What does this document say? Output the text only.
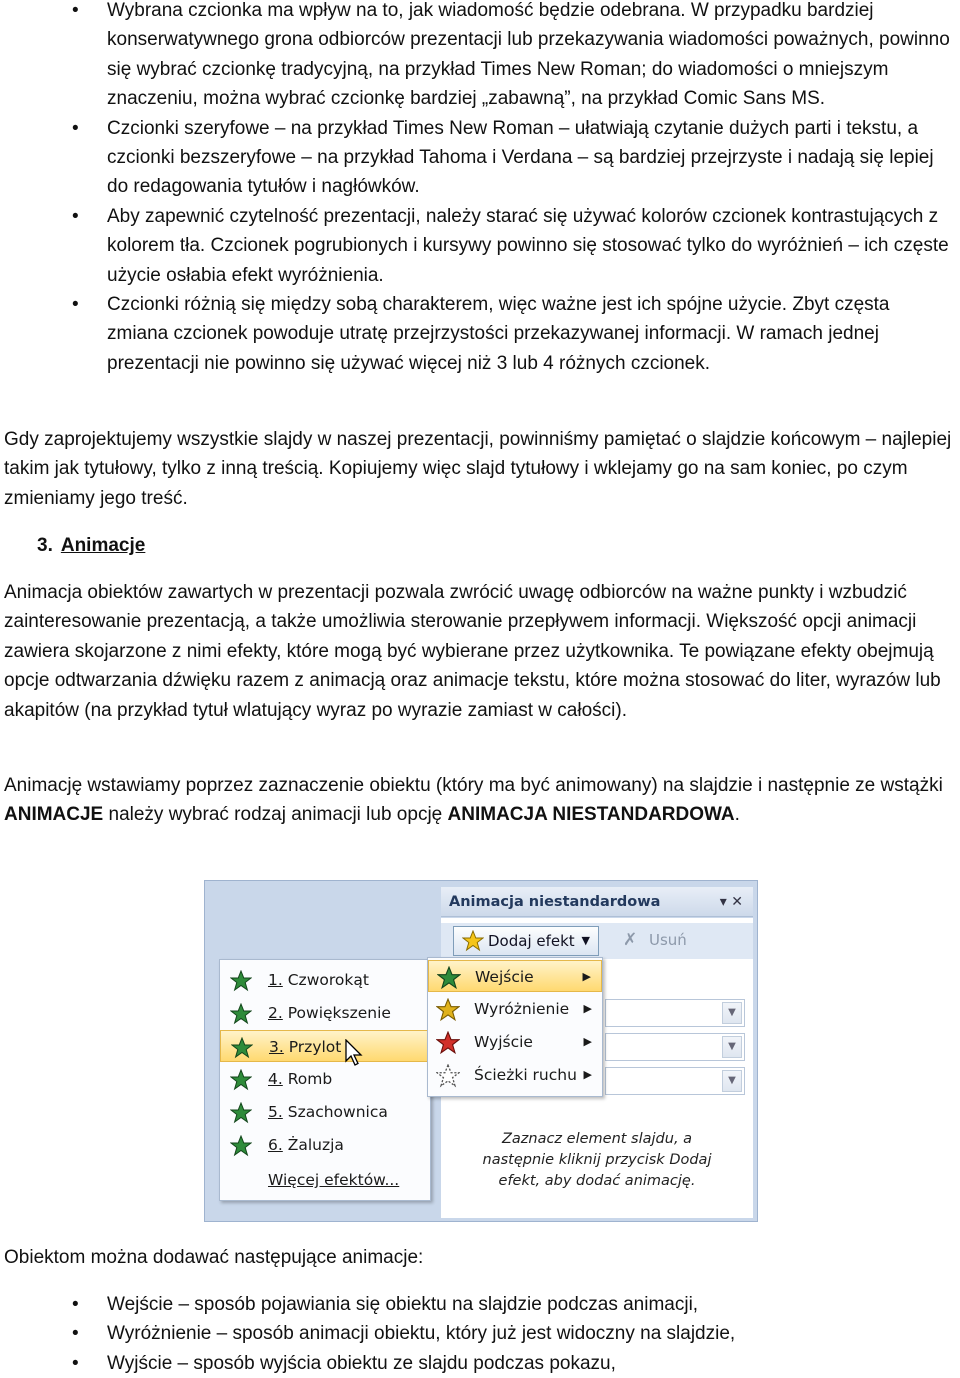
• Wybrana czcionka ma wpływ na to, jak wiadomość będzie odebrana. W przypadku bardziej konserwatywnego grona odbiorców prezentacji lub przekazywania wiadomości poważnych, powinno się wybrać czcionkę tradycyjną, na przykład Times New Roman; do wiadomości o mniejszym znaczeniu, można wybrać czcionkę bardziej „zabawną”, na przykład Comic Sans MS.
• Czcionki szeryfowe – na przykład Times New Roman – ułatwiają czytanie dużych parti i tekstu, a czcionki bezszeryfowe – na przykład Tahoma i Verdana – są bardziej przejrzyste i nadają się lepiej do redagowania tytułów i nagłówków.
• Aby zapewnić czytelność prezentacji, należy starać się używać kolorów czcionek kontrastujących z kolorem tła. Czcionek pogrubionych i kursywy powinno się stosować tylko do wyróżnień – ich częste użycie osłabia efekt wyróżnienia.
• Czcionki różnią się między sobą charakterem, więc ważne jest ich spójne użycie. Zbyt częsta zmiana czcionek powoduje utratę przejrzystości przekazywanej informacji. W ramach jednej prezentacji nie powinno się używać więcej niż 3 lub 4 różnych czcionek.

Gdy zaprojektujemy wszystkie slajdy w naszej prezentacji, powinniśmy pamiętać o slajdzie końcowym – najlepiej takim jak tytułowy, tylko z inną treścią. Kopiujemy więc slajd tytułowy i wklejamy go na sam koniec, po czym zmieniamy jego treść.

3. Animacje

Animacja obiektów zawartych w prezentacji pozwala zwrócić uwagę odbiorców na ważne punkty i wzbudzić zainteresowanie prezentacją, a także umożliwia sterowanie przepływem informacji. Większość opcji animacji zawiera skojarzone z nimi efekty, które mogą być wybierane przez użytkownika. Te powiązane efekty obejmują opcje odtwarzania dźwięku razem z animacją oraz animacje tekstu, które można stosować do liter, wyrazów lub akapitów (na przykład tytuł wlatujący wyraz po wyrazie zamiast w całości).

Animację wstawiamy poprzez zaznaczenie obiektu (który ma być animowany) na slajdzie i następnie ze wstążki ANIMACJE należy wybrać rodzaj animacji lub opcję ANIMACJA NIESTANDARDOWA.

Animacja niestandardowa	▾ ✕
Dodaj efekt ▼ ✗ Usuń
▼
▼
▼
Zaznacz element slajdu, a
następnie kliknij przycisk Dodaj
efekt, aby dodać animację.
1. Czworokąt
2. Powiększenie
3. Przylot
4. Romb
5. Szachownica
6. Żaluzja
Więcej efektów...
Wejście	▶
Wyróżnienie ▶
Wyjście	▶
Ścieżki ruchu ▶

Obiektom można dodawać następujące animacje:

• Wejście – sposób pojawiania się obiektu na slajdzie podczas animacji,
• Wyróżnienie – sposób animacji obiektu, który już jest widoczny na slajdzie,
• Wyjście – sposób wyjścia obiektu ze slajdu podczas pokazu,
